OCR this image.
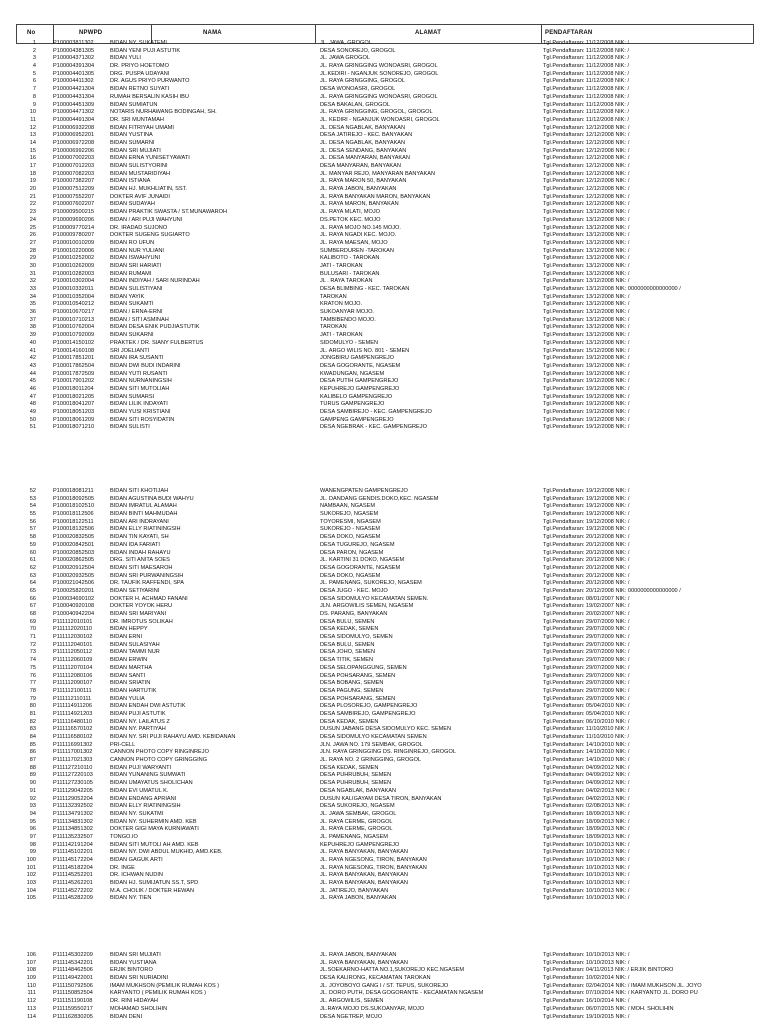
No	NPWPD	NAMA	ALAMAT	PENDAFTARAN
1	P100003811302	BIDAN NY. SUKATEMI	JL. JAWA, GROGOL	Tgl.Pendaftaran: 11/12/2008 NIK: /
2	P100004381305	BIDAN YENI PUJI ASTUTIK	DESA SONOREJO, GROGOL	Tgl.Pendaftaran: 11/12/2008 NIK: /
3	P100004371302	BIDAN YULI	JL. JAWA GROGOL	Tgl.Pendaftaran: 11/12/2008 NIK: /
4	P100004391304	DR. PRIYO HOETOMO	JL. RAYA GRINGGING WONOASRI, GROGOL	Tgl.Pendaftaran: 11/12/2008 NIK: /
5	P100004401305	DRG. PUSPA UDAYANI	JL.KEDIRI - NGANJUK SONOREJO, GROGOL	Tgl.Pendaftaran: 11/12/2008 NIK: /
6	P100004411302	DR. AGUS PRIYO PURWANTO	JL. RAYA GRINGGING, GROGOL	Tgl.Pendaftaran: 11/12/2008 NIK: /
7	P100004421304	BIDAN RETNO SUYATI	DESA WONOASRI, GROGOL	Tgl.Pendaftaran: 11/12/2008 NIK: /
8	P100004431304	RUMAH BERSALIN KASIH IBU	JL. RAYA GRINGGING WONOASRI, GROGOL	Tgl.Pendaftaran: 11/12/2008 NIK: /
9	P100004451309	BIDAN SUMIATUN	DESA BAKALAN, GROGOL	Tgl.Pendaftaran: 11/12/2008 NIK: /
10	P100004471302	NOTARIS NURHAWANG BODINGAH, SH.	JL. RAYA GRINGGING, GROGOL, GROGOL	Tgl.Pendaftaran: 11/12/2008 NIK: /
11	P100004491304	DR. SRI MUNTAMAH	JL. KEDIRI - NGANJUK WONOASRI, GROGOL	Tgl.Pendaftaran: 11/12/2008 NIK: /
12	P100006932208	BIDAN FITRIYAH UMAMI	JL. DESA NGABLAK, BANYAKAN	Tgl.Pendaftaran: 12/12/2008 NIK: /
13	P100006952201	BIDAN YUSTINA	DESA JATIREJO - KEC. BANYAKAN	Tgl.Pendaftaran: 12/12/2008 NIK: /
14	P100006972208	BIDAN SUMARNI	JL. DESA NGABLAK, BANYAKAN	Tgl.Pendaftaran: 12/12/2008 NIK: /
15	P100006992206	BIDAN SRI MUJIATI	JL. DESA SENDANG, BANYAKAN	Tgl.Pendaftaran: 12/12/2008 NIK: /
16	P100007002203	BIDAN ERNA YUNISETYAWATI	JL. DESA MANYARAN, BANYAKAN	Tgl.Pendaftaran: 12/12/2008 NIK: /
17	P100007012203	BIDAN SULISTYORINI	DESA MANYARAN, BANYAKAN	Tgl.Pendaftaran: 12/12/2008 NIK: /
18	P100007082203	BIDAN MUSTARIDIYAH	JL. MANYAR REJO, MANYARAN BANYAKAN	Tgl.Pendaftaran: 12/12/2008 NIK: /
19	P100007382207	BIDAN ISTIANA	JL. RAYA MARON 50, BANYAKAN	Tgl.Pendaftaran: 12/12/2008 NIK: /
20	P100007512209	BIDAN HJ. MUKHLIATIN, SST.	JL. RAYA JABON, BANYAKAN	Tgl.Pendaftaran: 12/12/2008 NIK: /
21	P100007552207	DOKTER AVIF JUNAIDI	JL. RAYA BANYAKAN MARON, BANYAKAN	Tgl.Pendaftaran: 12/12/2008 NIK: /
22	P100007602207	BIDAN SUDAYAH	JL. RAYA MARON, BANYAKAN	Tgl.Pendaftaran: 12/12/2008 NIK: /
23	P100009500215	BIDAN PRAKTIK SWASTA / ST.MUNAWAROH	JL. RAYA MLATI, MOJO	Tgl.Pendaftaran: 13/12/2008 NIK: /
24	P100009690206	BIDAN / ARI PUJI WAHYUNI	DS.PETOK KEC. MOJO	Tgl.Pendaftaran: 13/12/2008 NIK: /
25	P100009770214	DR. IRADAD SUJONO	JL. RAYA MOJO NO.145 MOJO.	Tgl.Pendaftaran: 13/12/2008 NIK: /
26	P100009780207	DOKTER SUGENG SUGIARTO	JL. RAYA NGADI KEC. MOJO.	Tgl.Pendaftaran: 13/12/2008 NIK: /
27	P100010010209	BIDAN RO UFUN	JL. RAYA MAESAN, MOJO	Tgl.Pendaftaran: 13/12/2008 NIK: /
28	P100010220006	BIDAN NUR YULIANI	SUMBERDUREN -TAROKAN	Tgl.Pendaftaran: 13/12/2008 NIK: /
29	P100010252002	BIDAN ISWAHYUNI	KALIBOTO - TAROKAN	Tgl.Pendaftaran: 13/12/2008 NIK: /
30	P100010262009	BIDAN SRI HARIATI	JATI - TAROKAN	Tgl.Pendaftaran: 13/12/2008 NIK: /
31	P100010282003	BIDAN RUMAMI	BULUSARI - TAROKAN	Tgl.Pendaftaran: 13/12/2008 NIK: /
32	P100010302004	BIDAN INDIYAH / SARI NURINDAH	JL . RAYA TAROKAN	Tgl.Pendaftaran: 13/12/2008 NIK: /
33	P100010332011	BIDAN SULISTIYANI	DESA BLIMBING - KEC. TAROKAN	Tgl.Pendaftaran: 13/12/2008 NIK: 0000000000000000 /
34	P100010352004	BIDAN YAYIK	TAROKAN	Tgl.Pendaftaran: 13/12/2008 NIK: /
35	P100010540212	BIDAN SUKAMTI	KRATON MOJO.	Tgl.Pendaftaran: 13/12/2008 NIK: /
36	P100010670217	BIDAN / ERNA-ERNI	SUKOANYAR MOJO.	Tgl.Pendaftaran: 13/12/2008 NIK: /
37	P100010710213	BIDAN / SITI ASMINAH	TAMBIBENDO MOJO.	Tgl.Pendaftaran: 13/12/2008 NIK: /
38	P100010762004	BIDAN DESA ENIK PUDJIASTUTIK	TAROKAN	Tgl.Pendaftaran: 13/12/2008 NIK: /
39	P100010792009	BIDAN SUKARNI	JATI - TAROKAN	Tgl.Pendaftaran: 13/12/2008 NIK: /
40	P100014150102	PRAKTEK / DR. SIANY FULBERTUS	SIDOMULYO - SEMEN	Tgl.Pendaftaran: 13/12/2008 NIK: /
41	P100014160108	SRI JOELIANTI	JL. ARGO WILIS NO. 801 - SEMEN	Tgl.Pendaftaran: 15/12/2008 NIK: /
42	P100017851201	BIDAN IRA SUSANTI	JONGBIRU GAMPENGREJO	Tgl.Pendaftaran: 19/12/2008 NIK: /
43	P100017862504	BIDAN DWI BUDI INDARINI	DESA GOGORANTE, NGASEM	Tgl.Pendaftaran: 19/12/2008 NIK: /
44	P100017872509	BIDAN YUTI RUSANTI	KWADUNGAN, NGASEM	Tgl.Pendaftaran: 19/12/2008 NIK: /
45	P100017901202	BIDAN NURNANINGSIH	DESA PUTIH GAMPENGREJO	Tgl.Pendaftaran: 19/12/2008 NIK: /
46	P100018011204	BIDAN SITI MUTOLIAH	KEPUHREJO GAMPENGREJO	Tgl.Pendaftaran: 19/12/2008 NIK: /
47	P100018021205	BIDAN SUMARSI	KALIBELO GAMPENGREJO	Tgl.Pendaftaran: 19/12/2008 NIK: /
48	P100018041207	BIDAN LILIK INDAYATI	TURUS GAMPENGREJO	Tgl.Pendaftaran: 19/12/2008 NIK: /
49	P100018051203	BIDAN YUSI KRISTIANI	DESA SAMBIREJO - KEC. GAMPENGREJO	Tgl.Pendaftaran: 19/12/2008 NIK: /
50	P100018061209	BIDAN SITI ROSYIDATIN	GAMPENG GAMPENGREJO	Tgl.Pendaftaran: 19/12/2008 NIK: /
51	P100018071210	BIDAN SULISTI	DESA NGEBRAK - KEC. GAMPENGREJO	Tgl.Pendaftaran: 19/12/2008 NIK: /
52	P100018081211	BIDAN SITI KHOTIJAH	WANENGPATEN GAMPENGREJO	Tgl.Pendaftaran: 19/12/2008 NIK: /
53	P100018092505	BIDAN AGUSTINA BUDI WAHYU	JL. DANDANG GENDIS.DOKO,KEC. NGASEM	Tgl.Pendaftaran: 19/12/2008 NIK: /
54	P100018102510	BIDAN IMRATUL ALAMAH	NAMBAAN, NGASEM	Tgl.Pendaftaran: 19/12/2008 NIK: /
55	P100018112506	BIDAN BINTI MAHMUDAH	SUKOREJO, NGASEM	Tgl.Pendaftaran: 19/12/2008 NIK: /
56	P100018122511	BIDAN ARI INDRAYANI	TOYORESMI, NGASEM	Tgl.Pendaftaran: 19/12/2008 NIK: /
57	P100018132506	BIDAN ELLY RIATININGSIH	SUKOREJO - NGASEM	Tgl.Pendaftaran: 19/12/2008 NIK: /
58	P100020832505	BIDAN TIN KAYATI, SH	DESA DOKO, NGASEM	Tgl.Pendaftaran: 20/12/2008 NIK: /
59	P100020842501	BIDAN IDA FARIATI	DESA TUGUREJO, NGASEM	Tgl.Pendaftaran: 20/12/2008 NIK: /
60	P100020852503	BIDAN INDAH RAHAYU	DESA PARON, NGASEM	Tgl.Pendaftaran: 20/12/2008 NIK: /
61	P100020862505	DRG. SITI ANITA SOES	JL. KARTINI 31 DOKO, NGASEM	Tgl.Pendaftaran: 20/12/2008 NIK: /
62	P100020912504	BIDAN SITI MAESAROH	DESA GOGORANTE, NGASEM	Tgl.Pendaftaran: 20/12/2008 NIK: /
63	P100020932505	BIDAN SRI PURWANINGSIH	DESA DOKO, NGASEM	Tgl.Pendaftaran: 20/12/2008 NIK: /
64	P100021042506	DR. TAUFIK RAFFENDI, SPA	JL. PAMENANG, SUKOREJO, NGASEM	Tgl.Pendaftaran: 20/12/2008 NIK: /
65	P100025820201	BIDAN SETIYARINI	DESA JUGO - KEC. MOJO	Tgl.Pendaftaran: 20/12/2008 NIK: 0000000000000000 /
66	P100034690102	DOKTER H. ACHMAD FANANI	DESA SIDOMULYO KECAMATAN SEMEN.	Tgl.Pendaftaran: 08/01/2007 NIK: /
67	P100040920108	DOKTER YOYOK HERU	JLN. ARGOWILIS SEMEN, NGASEM	Tgl.Pendaftaran: 19/02/2007 NIK: /
68	P100040942204	BIDAN SRI MARIYANI	DS. PARANG, BANYAKAN	Tgl.Pendaftaran: 20/02/2007 NIK: /
69	P111112010101	DR. IMROTUS SOLIKAH	DESA BULU, SEMEN	Tgl.Pendaftaran: 29/07/2009 NIK: /
70	P111112020110	BIDAN HEPPY	DESA KEDAK, SEMEN	Tgl.Pendaftaran: 29/07/2009 NIK: /
71	P111112030102	BIDAN ERNI	DESA SIDOMULYO, SEMEN	Tgl.Pendaftaran: 29/07/2009 NIK: /
72	P111112040101	BIDAN SULASIYAH	DESA BULU, SEMEN	Tgl.Pendaftaran: 29/07/2009 NIK: /
73	P111112050112	BIDAN TAMMI NUR	DESA JOHO, SEMEN	Tgl.Pendaftaran: 29/07/2009 NIK: /
74	P111112060109	BIDAN ERWIN	DESA TITIK, SEMEN	Tgl.Pendaftaran: 29/07/2009 NIK: /
75	P111112070104	BIDAN MARTHA	DESA SELOPANGGUNG, SEMEN	Tgl.Pendaftaran: 29/07/2009 NIK: /
76	P111112080106	BIDAN SANTI	DESA POHSARANG, SEMEN	Tgl.Pendaftaran: 29/07/2009 NIK: /
77	P111112090107	BIDAN SRIATIN	DESA BOBANG, SEMEN	Tgl.Pendaftaran: 29/07/2009 NIK: /
78	P111112100111	BIDAN HARTUTIK	DESA PAGUNG, SEMEN	Tgl.Pendaftaran: 29/07/2009 NIK: /
79	P111112110111	BIDAN YULIA	DESA POHSARANG, SEMEN	Tgl.Pendaftaran: 29/07/2009 NIK: /
80	P111114911206	BIDAN ENDAH DWI ASTUTIK	DESA PLOSOREJO, GAMPENGREJO	Tgl.Pendaftaran: 05/04/2010 NIK: /
81	P111114921203	BIDAN PUJI ASTUTIK	DESA SAMBIREJO, GAMPENGREJO	Tgl.Pendaftaran: 05/04/2010 NIK: /
82	P111116480110	BIDAN NY. LAILATUS Z	DESA KEDAK, SEMEN	Tgl.Pendaftaran: 06/10/2010 NIK: /
83	P111116570102	BIDAN NY. PARTIYAH	DUSUN JABANG DESA SIDOMULYO KEC. SEMEN	Tgl.Pendaftaran: 11/10/2010 NIK: /
84	P111116580102	BIDAN NY. SRI PUJI RAHAYU AMD. KEBIDANAN	DESA SIDOMULYO KECAMATAN SEMEN	Tgl.Pendaftaran: 11/10/2010 NIK: /
85	P111116991302	PRI-CELL	JLN. JAWA NO. 179 SEMBAK, GROGOL	Tgl.Pendaftaran: 14/10/2010 NIK: /
86	P111117001302	CANNON PHOTO COPY RINGINREJO	JLN. RAYA GRINGGING DS. RINGINREJO, GROGOL	Tgl.Pendaftaran: 14/10/2010 NIK: /
87	P111117021303	CANNON PHOTO COPY GRINGGING	JL. RAYA NO. 2 GRINGGING, GROGOL	Tgl.Pendaftaran: 14/10/2010 NIK: /
88	P111127210110	BIDAN PUJI WARYANTI	DESA KEDAK, SEMEN	Tgl.Pendaftaran: 04/09/2012 NIK: /
89	P111127220103	BIDAN YUNANING SUMWATI	DESA PUHRUBUH, SEMEN	Tgl.Pendaftaran: 04/09/2012 NIK: /
90	P111127230105	BIDAN UMAYATUS SHOLICHAN	DESA PUHRUBUH, SEMEN	Tgl.Pendaftaran: 04/09/2012 NIK: /
91	P111129042205	BIDAN EVI UMATUL K.	DESA NGABLAK, BANYAKAN	Tgl.Pendaftaran: 04/02/2013 NIK: /
92	P111129052204	BIDAN ENDANG APRIANI	DUSUN KALIGAYAM DESA TIRON, BANYAKAN	Tgl.Pendaftaran: 04/02/2013 NIK: /
93	P111132392502	BIDAN ELLY RIATININGSIH	DESA SUKOREJO, NGASEM	Tgl.Pendaftaran: 02/08/2013 NIK: /
94	P111134791302	BIDAN NY. SUKATMI	JL. JAWA SEMBAK, GROGOL	Tgl.Pendaftaran: 18/09/2013 NIK: /
95	P111134831302	BIDAN NY. SUHERMIN AMD. KEB	JL. RAYA CERME, GROGOL	Tgl.Pendaftaran: 18/09/2013 NIK: /
96	P111134851302	DOKTER GIGI MAYA KURNIAWATI	JL. RAYA CERME, GROGOL	Tgl.Pendaftaran: 18/09/2013 NIK: /
97	P111135232507	TONGO.IO	JL. PAMENANG, NGASEM	Tgl.Pendaftaran: 18/09/2013 NIK: /
98	P111142191204	BIDAN SITI MUTOLI AH AMD. KEB	KEPUHREJO GAMPENGREJO	Tgl.Pendaftaran: 10/10/2013 NIK: /
99	P111145102201	BIDAN NY. DWI ABDUL MUKHID, AMD.KEB.	JL. RAYA BANYAKAN, BANYAKAN	Tgl.Pendaftaran: 10/10/2013 NIK: /
100	P111145172204	BIDAN GAGUK ARTI	JL. RAYA NGESONG, TIRON, BANYAKAN	Tgl.Pendaftaran: 10/10/2013 NIK: /
101	P111145182204	DR. INGE	JL. RAYA NGESONG, TIRON, BANYAKAN	Tgl.Pendaftaran: 10/10/2013 NIK: /
102	P111145252201	DR. ICHWAN NUDIN	JL. RAYA BANYAKAN, BANYAKAN	Tgl.Pendaftaran: 10/10/2013 NIK: /
103	P111145262201	BIDAN HJ. SUMIJATUN SS.T, SPD	JL. RAYA BANYAKAN, BANYAKAN	Tgl.Pendaftaran: 10/10/2013 NIK: /
104	P111145272202	M.A. CHOLIK / DOKTER HEWAN	JL. JATIREJO, BANYAKAN	Tgl.Pendaftaran: 10/10/2013 NIK: /
105	P111145282209	BIDAN NY. TIEN	JL. RAYA JABON, BANYAKAN	Tgl.Pendaftaran: 10/10/2013 NIK: /
106	P111145302209	BIDAN SRI MUJIATI	JL. RAYA JABON, BANYAKAN	Tgl.Pendaftaran: 10/10/2013 NIK: /
107	P111145342201	BIDAN YUSTIANA	JL. RAYA BANYAKAN, BANYAKAN	Tgl.Pendaftaran: 10/10/2013 NIK: /
108	P111148462506	ERJIK BINTORO	JL.SOEKARNO-HATTA NO.1,SUKOREJO KEC.NGASEM	Tgl.Pendaftaran: 04/11/2013 NIK: / ERJIK BINTORO
109	P111149422001	BIDAN SRI NURIADINI	DESA KALIRONG, KECAMATAN TAROKAN	Tgl.Pendaftaran: 10/02/2014 NIK: /
110	P111150792506	IMAM MUKHSON (PEMILIK RUMAH KOS )	JL. JOYOBOYO GANG I / ST. TEPUS, SUKOREJO	Tgl.Pendaftaran: 02/04/2014 NIK: / IMAM MUKHSON JL. JOYO
111	P111150852504	KARYANTO ( PEMILIK RUMAH KOS )	JL. DORO PUTH, DESA GOGORANTE - KECAMATAN NGASEM	Tgl.Pendaftaran: 07/10/2014 NIK: / KARYANTO JL. DORO PU
112	P111151190108	DR. RINI HIDAYAH	JL. ARGOWILIS, SEMEN	Tgl.Pendaftaran: 16/10/2014 NIK: /
113	P111159550217	MOHAMAD SHOLIHIN	JL.RAYA MOJO DS.SUKOANYAR, MOJO	Tgl.Pendaftaran: 06/07/2015 NIK: / MOH. SHOLIHIN
114	P111162830205	BIDAN DENI	DESA NGETREP, MOJO	Tgl.Pendaftaran: 19/10/2015 NIK: /
